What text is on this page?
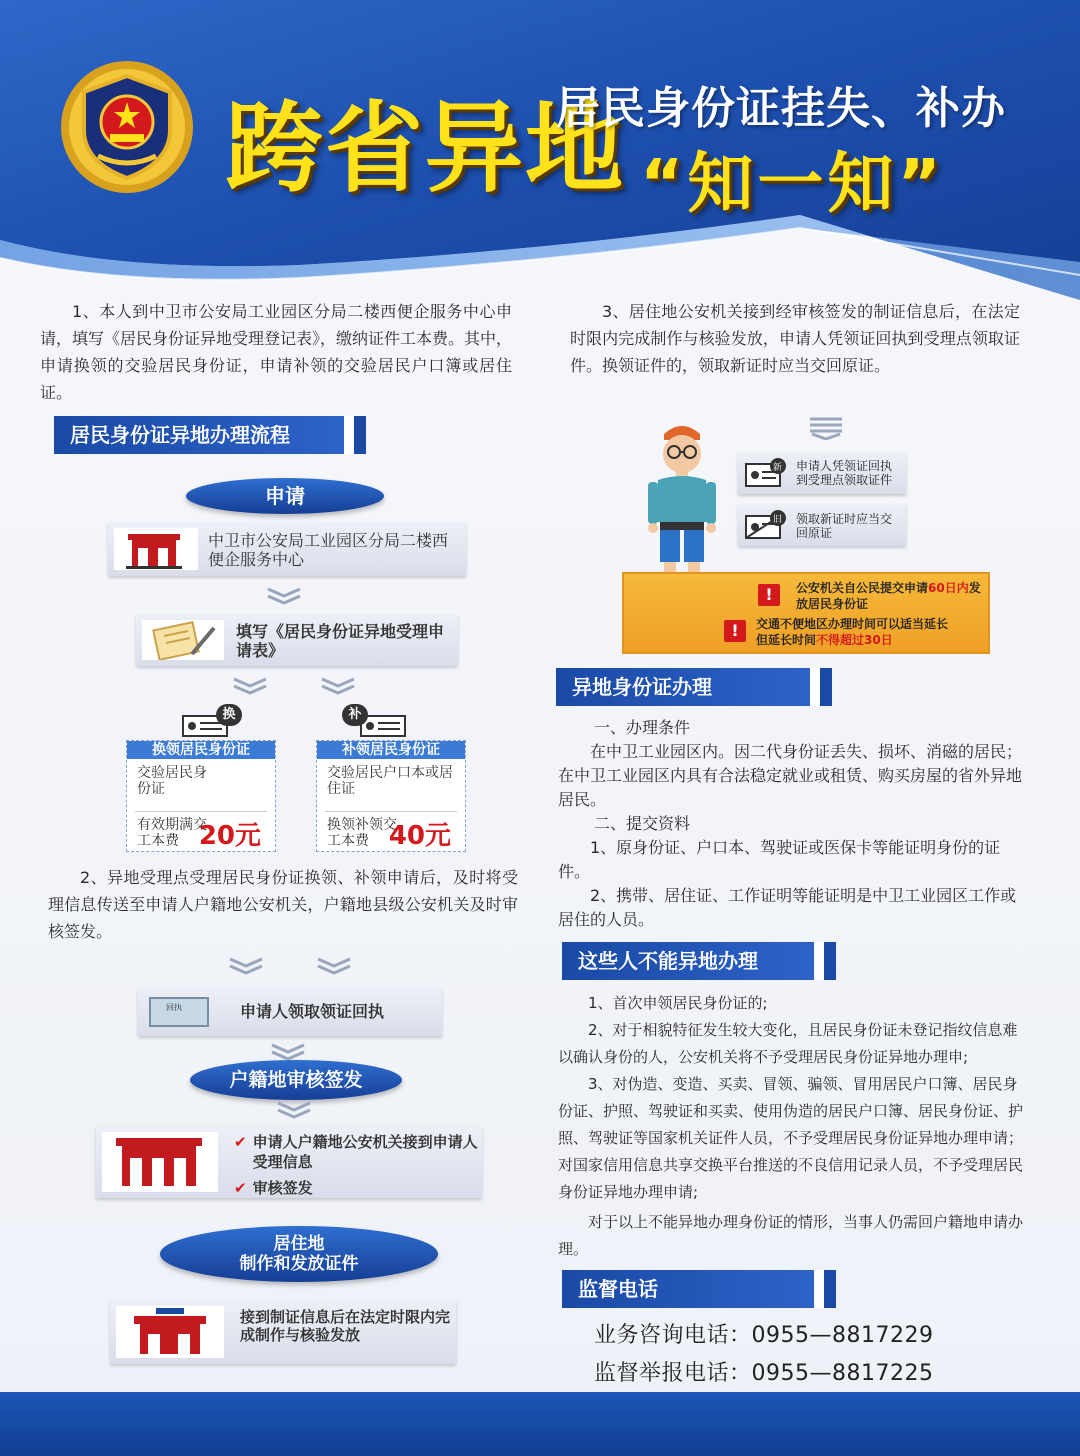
跨省异地
居民身份证挂失、补办
“知一知”
1、本人到中卫市公安局工业园区分局二楼西便企服务中心申请，填写《居民身份证异地受理登记表》，缴纳证件工本费。其中，申请换领的交验居民身份证，申请补领的交验居民户口簿或居住证。
3、居住地公安机关接到经审核签发的制证信息后，在法定时限内完成制作与核验发放，申请人凭领证回执到受理点领取证件。换领证件的，领取新证时应当交回原证。
居民身份证异地办理流程
申请
中卫市公安局工业园区分局二楼西便企服务中心
填写《居民身份证异地受理申请表》
换	补
换领居民身份证
交验居民身份证
有效期满交工本费 20元
补领居民身份证
交验居民户口本或居住证
换领补领交工本费 40元
2、异地受理点受理居民身份证换领、补领申请后，及时将受理信息传送至申请人户籍地公安机关，户籍地县级公安机关及时审核签发。
回执	申请人领取领证回执
户籍地审核签发
✔ 申请人户籍地公安机关接到申请人受理信息
✔ 审核签发
居住地
制作和发放证件
接到制证信息后在法定时限内完成制作与核验发放
新 申请人凭领证回执到受理点领取证件
旧 领取新证时应当交回原证
!	公安机关自公民提交申请60日内发放居民身份证
!	交通不便地区办理时间可以适当延长
但延长时间不得超过30日
异地身份证办理
一、办理条件
在中卫工业园区内。因二代身份证丢失、损坏、消磁的居民；在中卫工业园区内具有合法稳定就业或租赁、购买房屋的省外异地居民。
二、提交资料
1、原身份证、户口本、驾驶证或医保卡等能证明身份的证件。
2、携带、居住证、工作证明等能证明是中卫工业园区工作或居住的人员。
这些人不能异地办理
1、首次申领居民身份证的;
2、对于相貌特征发生较大变化，且居民身份证未登记指纹信息难以确认身份的人，公安机关将不予受理居民身份证异地办理申;
3、对伪造、变造、买卖、冒领、骗领、冒用居民户口簿、居民身份证、护照、驾驶证和买卖、使用伪造的居民户口簿、居民身份证、护照、驾驶证等国家机关证件人员，不予受理居民身份证异地办理申请；对国家信用信息共享交换平台推送的不良信用记录人员，不予受理居民身份证异地办理申请;
对于以上不能异地办理身份证的情形，当事人仍需回户籍地申请办理。
监督电话
业务咨询电话：0955—8817229
监督举报电话：0955—8817225
